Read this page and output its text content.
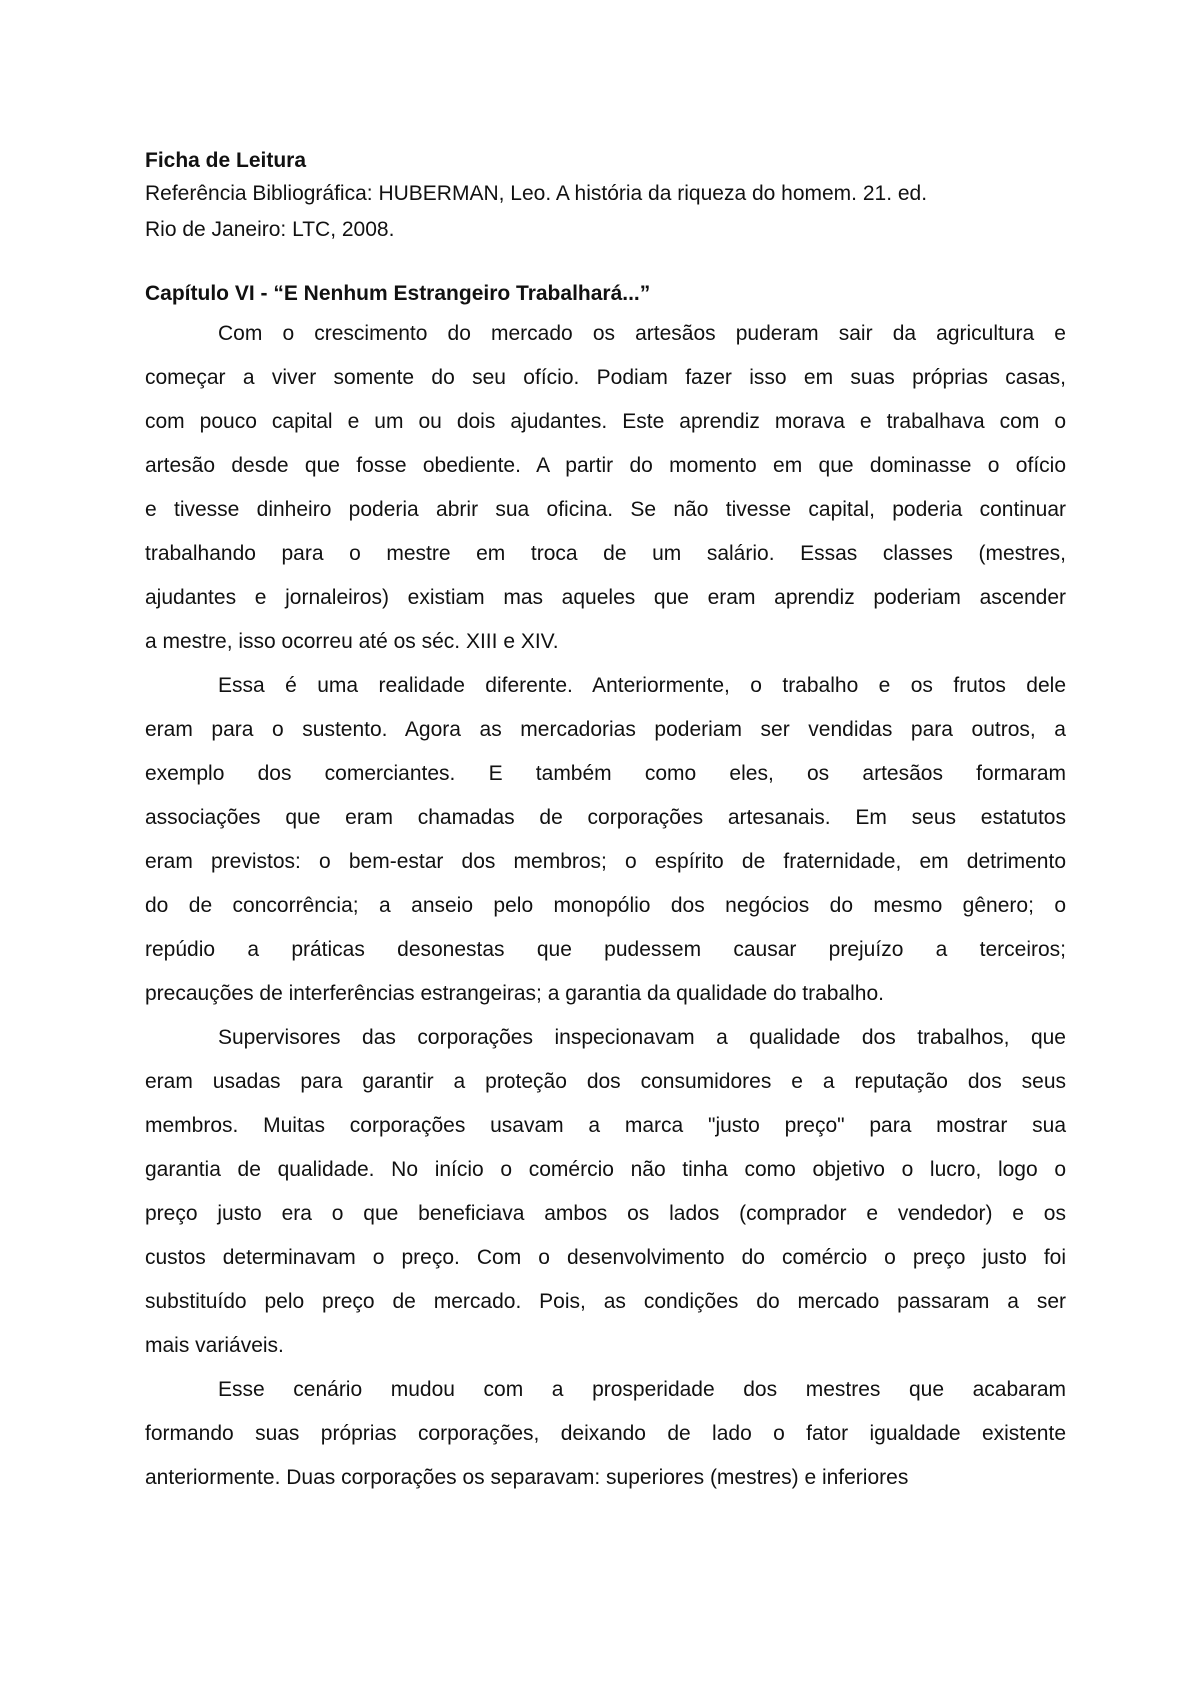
Ficha de Leitura

Referência Bibliográfica: HUBERMAN, Leo. A história da riqueza do homem. 21. ed.
Rio de Janeiro: LTC, 2008.

Capítulo VI - “E Nenhum Estrangeiro Trabalhará...”

Com o crescimento do mercado os artesãos puderam sair da agricultura e
começar a viver somente do seu ofício. Podiam fazer isso em suas próprias casas,
com pouco capital e um ou dois ajudantes. Este aprendiz morava e trabalhava com o
artesão desde que fosse obediente. A partir do momento em que dominasse o ofício
e tivesse dinheiro poderia abrir sua oficina. Se não tivesse capital, poderia continuar
trabalhando para o mestre em troca de um salário. Essas classes (mestres,
ajudantes e jornaleiros) existiam mas aqueles que eram aprendiz poderiam ascender
a mestre, isso ocorreu até os séc. XIII e XIV.
Essa é uma realidade diferente. Anteriormente, o trabalho e os frutos dele
eram para o sustento. Agora as mercadorias poderiam ser vendidas para outros, a
exemplo dos comerciantes. E também como eles, os artesãos formaram
associações que eram chamadas de corporações artesanais. Em seus estatutos
eram previstos: o bem-estar dos membros; o espírito de fraternidade, em detrimento
do de concorrência; a anseio pelo monopólio dos negócios do mesmo gênero; o
repúdio a práticas desonestas que pudessem causar prejuízo a terceiros;
precauções de interferências estrangeiras; a garantia da qualidade do trabalho.
Supervisores das corporações inspecionavam a qualidade dos trabalhos, que
eram usadas para garantir a proteção dos consumidores e a reputação dos seus
membros. Muitas corporações usavam a marca "justo preço" para mostrar sua
garantia de qualidade. No início o comércio não tinha como objetivo o lucro, logo o
preço justo era o que beneficiava ambos os lados (comprador e vendedor) e os
custos determinavam o preço. Com o desenvolvimento do comércio o preço justo foi
substituído pelo preço de mercado. Pois, as condições do mercado passaram a ser
mais variáveis.
Esse cenário mudou com a prosperidade dos mestres que acabaram
formando suas próprias corporações, deixando de lado o fator igualdade existente
anteriormente. Duas corporações os separavam: superiores (mestres) e inferiores
